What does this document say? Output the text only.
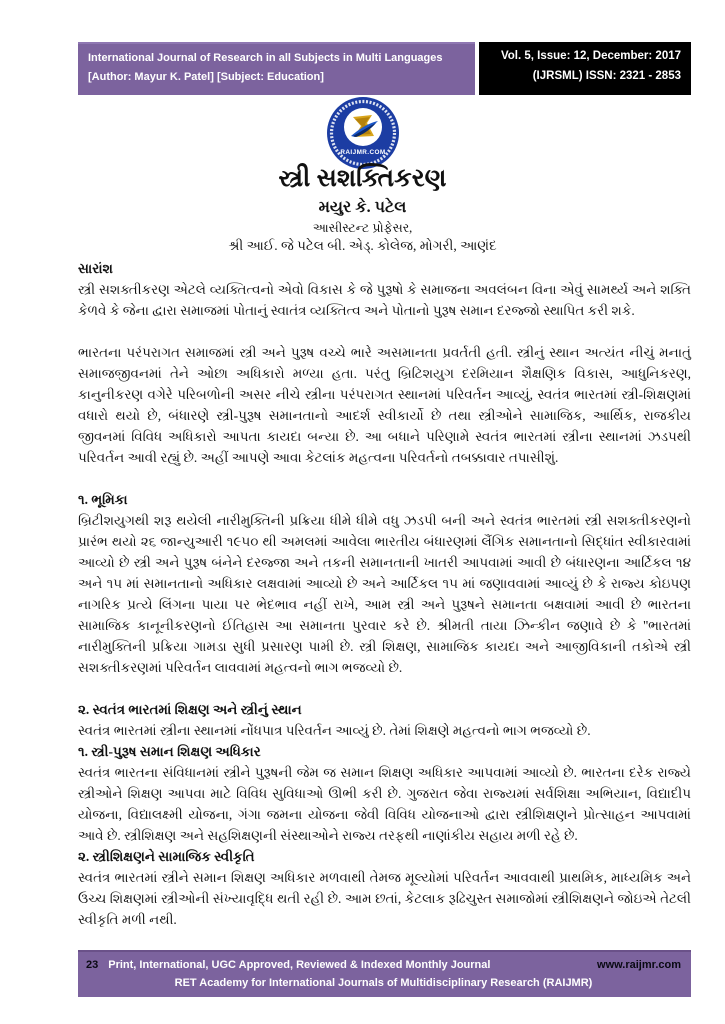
International Journal of Research in all Subjects in Multi Languages
[Author: Mayur K. Patel] [Subject: Education]
Vol. 5, Issue: 12, December: 2017
(IJRSML) ISSN: 2321 - 2853
RAIJMR.COM
સ્ત્રી સશક્તિકરણ
મયુર કે. પટેલ
આસીસ્ટન્ટ પ્રોફેસર,
શ્રી આઈ. જે પટેલ બી. એડ્. કોલેજ, મોગરી, આણંદ
સારાંશ

સ્ત્રી સશક્તીકરણ એટલે વ્યક્તિત્વનો એવો વિકાસ કે જે પુરૂષો કે સમાજના અવલંબન વિના એવું સામર્થ્ય અને શક્તિ કેળવે કે જેના દ્વારા સમાજમાં પોતાનું સ્વાતંત્ર વ્યક્તિત્વ અને પોતાનો પુરૂષ સમાન દરજ્જો સ્થાપિત કરી શકે.

ભારતના પરંપરાગત સમાજમાં સ્ત્રી અને પુરૂષ વચ્ચે ભારે અસમાનતા પ્રવર્તતી હતી. સ્ત્રીનું સ્થાન અત્યંત નીચું મનાતું સમાજજીવનમાં તેને ઓછા અધિકારો મળ્યા હતા. પરંતુ બ્રિટિશયુગ દરમિયાન શૈક્ષણિક વિકાસ, આધુનિકરણ, કાનુનીકરણ વગેરે પરિબળોની અસર નીચે સ્ત્રીના પરંપરાગત સ્થાનમાં પરિવર્તન આવ્યું, સ્વતંત્ર ભારતમાં સ્ત્રી-શિક્ષણમાં વધારો થયો છે, બંધારણે સ્ત્રી-પુરૂષ સમાનતાનો આદર્શ સ્વીકાર્યો છે તથા સ્ત્રીઓને સામાજિક, આર્થિક, રાજકીય જીવનમાં વિવિધ અધિકારો આપતા કાયદા બન્યા છે. આ બધાને પરિણામે સ્વતંત્ર ભારતમાં સ્ત્રીના સ્થાનમાં ઝડપથી પરિવર્તન આવી રહ્યું છે. અહીં આપણે આવા કેટલાંક મહત્વના પરિવર્તનો તબક્કાવાર તપાસીશું.

૧. ભૂમિકા

બ્રિટીશયુગથી શરૂ થયેલી નારીમુક્તિની પ્રક્રિયા ધીમે ધીમે વધુ ઝડપી બની અને સ્વતંત્ર ભારતમાં સ્ત્રી સશક્તીકરણનો પ્રારંભ થયો ૨૬ જાન્યુઆરી ૧૯૫૦ થી અમલમાં આવેલા ભારતીય બંધારણમાં લૈંગિક સમાનતાનો સિદ્ધાંત સ્વીકારવામાં આવ્યો છે સ્ત્રી અને પુરૂષ બંનેને દરજ્જા અને તકની સમાનતાની ખાતરી આપવામાં આવી છે બંધારણના આર્ટિકલ ૧૪ અને ૧૫ માં સમાનતાનો અધિકાર લક્ષવામાં આવ્યો છે અને આર્ટિકલ ૧૫ માં જણાવવામાં આવ્યું છે કે રાજ્ય કોઇપણ નાગરિક પ્રત્યે લિંગના પાયા પર ભેદભાવ નહીં રાખે, આમ સ્ત્રી અને પુરૂષને સમાનતા બક્ષવામાં આવી છે ભારતના સામાજિક કાનૂનીકરણનો ઈતિહાસ આ સમાનતા પુરવાર કરે છે. શ્રીમતી તાયા ઝિન્કીન જણાવે છે કે ''ભારતમાં નારીમુક્તિની પ્રક્રિયા ગામડા સુધી પ્રસારણ પામી છે. સ્ત્રી શિક્ષણ, સામાજિક કાયદા અને આજીવિકાની તકોએ સ્ત્રી સશક્તીકરણમાં પરિવર્તન લાવવામાં મહત્વનો ભાગ ભજવ્યો છે.

૨. સ્વતંત્ર ભારતમાં શિક્ષણ અને સ્ત્રીનું સ્થાન

સ્વતંત્ર ભારતમાં સ્ત્રીના સ્થાનમાં નોંધપાત્ર પરિવર્તન આવ્યું છે. તેમાં શિક્ષણે મહત્વનો ભાગ ભજવ્યો છે.

૧. સ્ત્રી-પુરૂષ સમાન શિક્ષણ અધિકાર

સ્વતંત્ર ભારતના સંવિધાનમાં સ્ત્રીને પુરૂષની જેમ જ સમાન શિક્ષણ અધિકાર આપવામાં આવ્યો છે. ભારતના દરેક રાજ્યે સ્ત્રીઓને શિક્ષણ આપવા માટે વિવિધ સુવિધાઓ ઊભી કરી છે. ગુજરાત જેવા રાજ્યમાં સર્વશિક્ષા અભિયાન, વિદ્યાદીપ યોજના, વિદ્યાલક્ષ્મી યોજના, ગંગા જમના યોજના જેવી વિવિધ યોજનાઓ દ્વારા સ્ત્રીશિક્ષણને પ્રોત્સાહન આપવામાં આવે છે. સ્ત્રીશિક્ષણ અને સહશિક્ષણની સંસ્થાઓને રાજ્ય તરફથી નાણાંકીય સહાય મળી રહે છે.

૨. સ્ત્રીશિક્ષણને સામાજિક સ્વીકૃતિ

સ્વતંત્ર ભારતમાં સ્ત્રીને સમાન શિક્ષણ અધિકાર મળવાથી તેમજ મૂલ્યોમાં પરિવર્તન આવવાથી પ્રાથમિક, માધ્યમિક અને ઉચ્ચ શિક્ષણમાં સ્ત્રીઓની સંખ્યાવૃદ્ધિ થતી રહી છે. આમ છતાં, કેટલાક રૂઢિચુસ્ત સમાજોમાં સ્ત્રીશિક્ષણને જોઇએ તેટલી સ્વીકૃતિ મળી નથી.

23 Print, International, UGC Approved, Reviewed & Indexed Monthly Journal	www.raijmr.com
RET Academy for International Journals of Multidisciplinary Research (RAIJMR)
